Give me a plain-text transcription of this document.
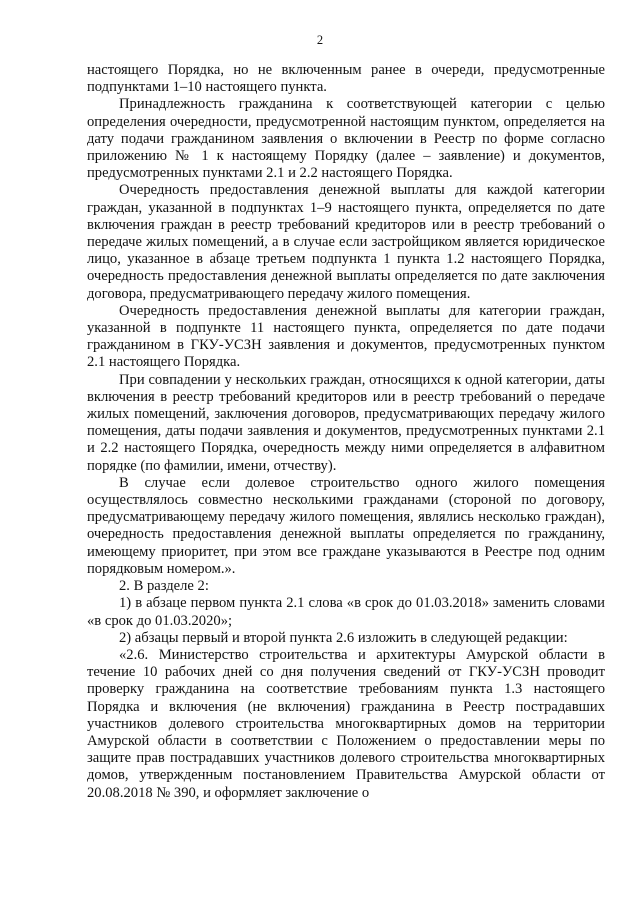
2

настоящего Порядка, но не включенным ранее в очереди, предусмотренные подпунктами 1–10 настоящего пункта.

Принадлежность гражданина к соответствующей категории с целью определения очередности, предусмотренной настоящим пунктом, определяется на дату подачи гражданином заявления о включении в Реестр по форме согласно приложению № 1 к настоящему Порядку (далее – заявление) и документов, предусмотренных пунктами 2.1 и 2.2 настоящего Порядка.

Очередность предоставления денежной выплаты для каждой категории граждан, указанной в подпунктах 1–9 настоящего пункта, определяется по дате включения граждан в реестр требований кредиторов или в реестр требований о передаче жилых помещений, а в случае если застройщиком является юридическое лицо, указанное в абзаце третьем подпункта 1 пункта 1.2 настоящего Порядка, очередность предоставления денежной выплаты определяется по дате заключения договора, предусматривающего передачу жилого помещения.

Очередность предоставления денежной выплаты для категории граждан, указанной в подпункте 11 настоящего пункта, определяется по дате подачи гражданином в ГКУ-УСЗН заявления и документов, предусмотренных пунктом 2.1 настоящего Порядка.

При совпадении у нескольких граждан, относящихся к одной категории, даты включения в реестр требований кредиторов или в реестр требований о передаче жилых помещений, заключения договоров, предусматривающих передачу жилого помещения, даты подачи заявления и документов, предусмотренных пунктами 2.1 и 2.2 настоящего Порядка, очередность между ними определяется в алфавитном порядке (по фамилии, имени, отчеству).

В случае если долевое строительство одного жилого помещения осуществлялось совместно несколькими гражданами (стороной по договору, предусматривающему передачу жилого помещения, являлись несколько граждан), очередность предоставления денежной выплаты определяется по гражданину, имеющему приоритет, при этом все граждане указываются в Реестре под одним порядковым номером.».

2. В разделе 2:

1) в абзаце первом пункта 2.1 слова «в срок до 01.03.2018» заменить словами «в срок до 01.03.2020»;

2) абзацы первый и второй пункта 2.6 изложить в следующей редакции:

«2.6. Министерство строительства и архитектуры Амурской области в течение 10 рабочих дней со дня получения сведений от ГКУ-УСЗН проводит проверку гражданина на соответствие требованиям пункта 1.3 настоящего Порядка и включения (не включения) гражданина в Реестр пострадавших участников долевого строительства многоквартирных домов на территории Амурской области в соответствии с Положением о предоставлении меры по защите прав пострадавших участников долевого строительства многоквартирных домов, утвержденным постановлением Правительства Амурской области от 20.08.2018 № 390, и оформляет заключение о
